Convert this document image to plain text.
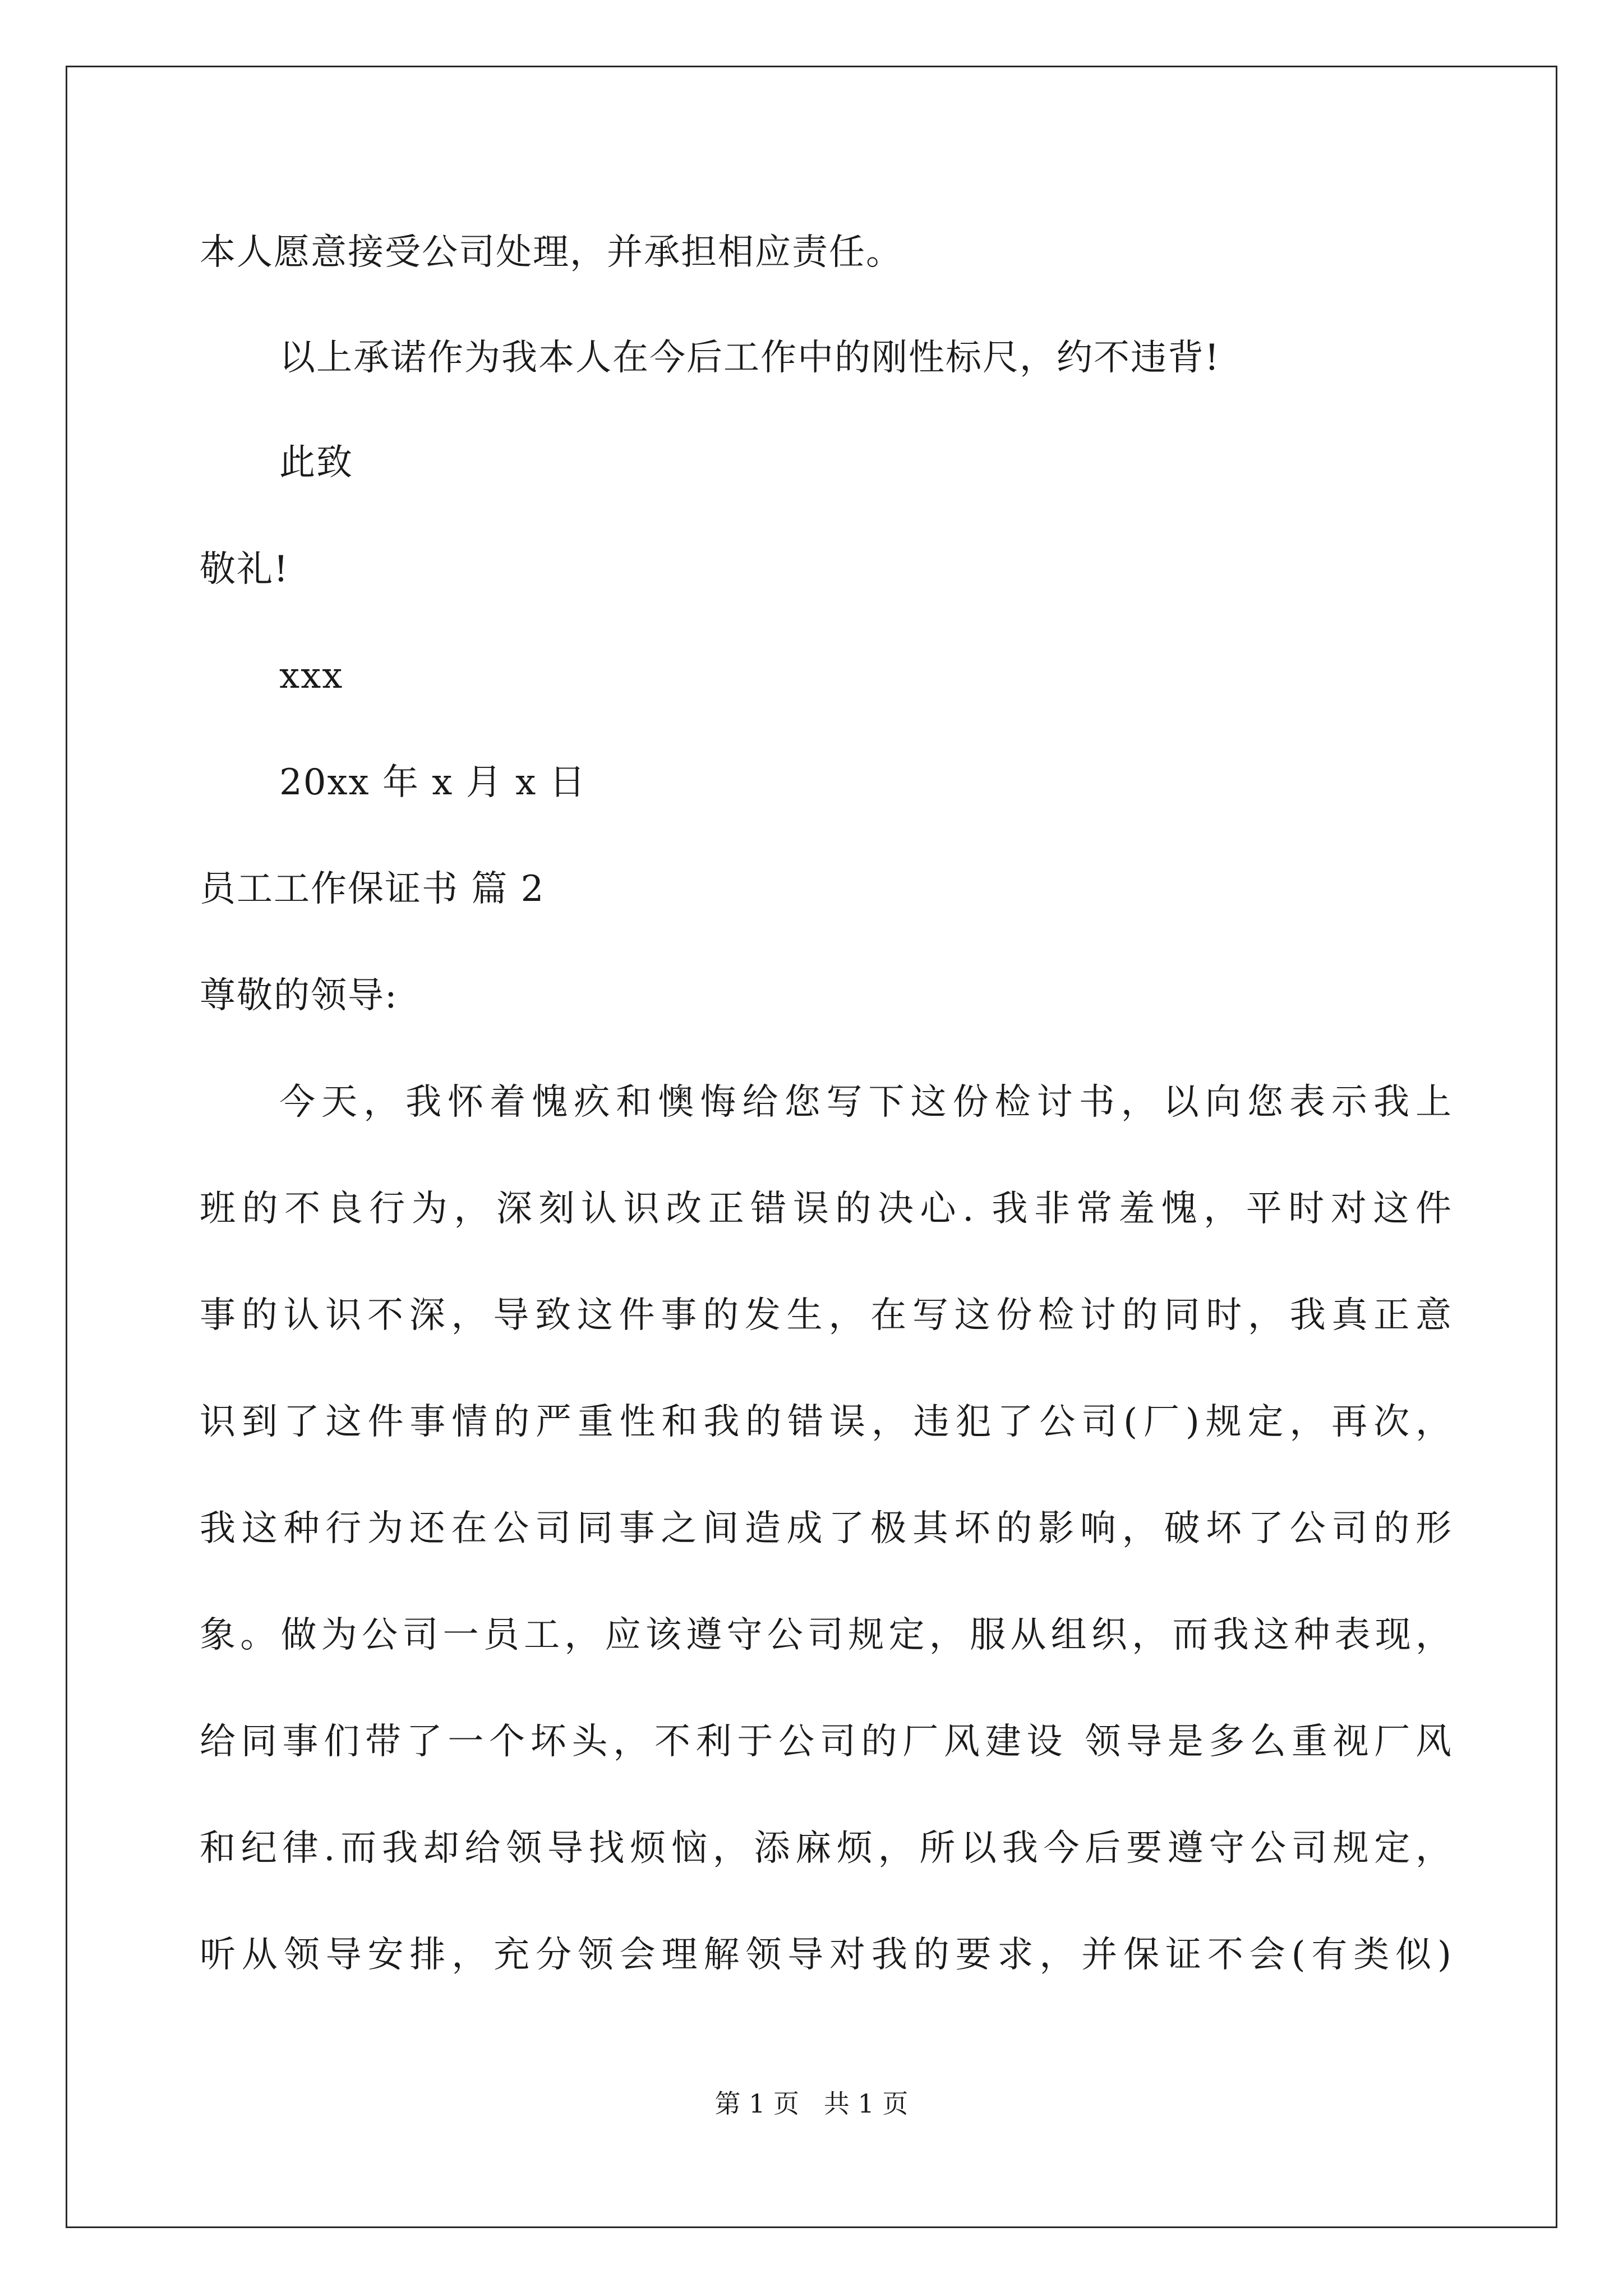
本人愿意接受公司处理，并承担相应责任。
以上承诺作为我本人在今后工作中的刚性标尺，约不违背!
此致
敬礼!
xxx
20xx 年 x 月 x 日
员工工作保证书 篇 2
尊敬的领导:
今天，我怀着愧疚和懊悔给您写下这份检讨书，以向您表示我上
班的不良行为，深刻认识改正错误的决心. 我非常羞愧，平时对这件
事的认识不深，导致这件事的发生，在写这份检讨的同时，我真正意
识到了这件事情的严重性和我的错误，违犯了公司(厂)规定，再次，
我这种行为还在公司同事之间造成了极其坏的影响，破坏了公司的形
象。做为公司一员工，应该遵守公司规定，服从组织，而我这种表现，
给同事们带了一个坏头，不利于公司的厂风建设 领导是多么重视厂风
和纪律.而我却给领导找烦恼，添麻烦，所以我今后要遵守公司规定，
听从领导安排，充分领会理解领导对我的要求，并保证不会(有类似)
第 1 页   共 1 页
